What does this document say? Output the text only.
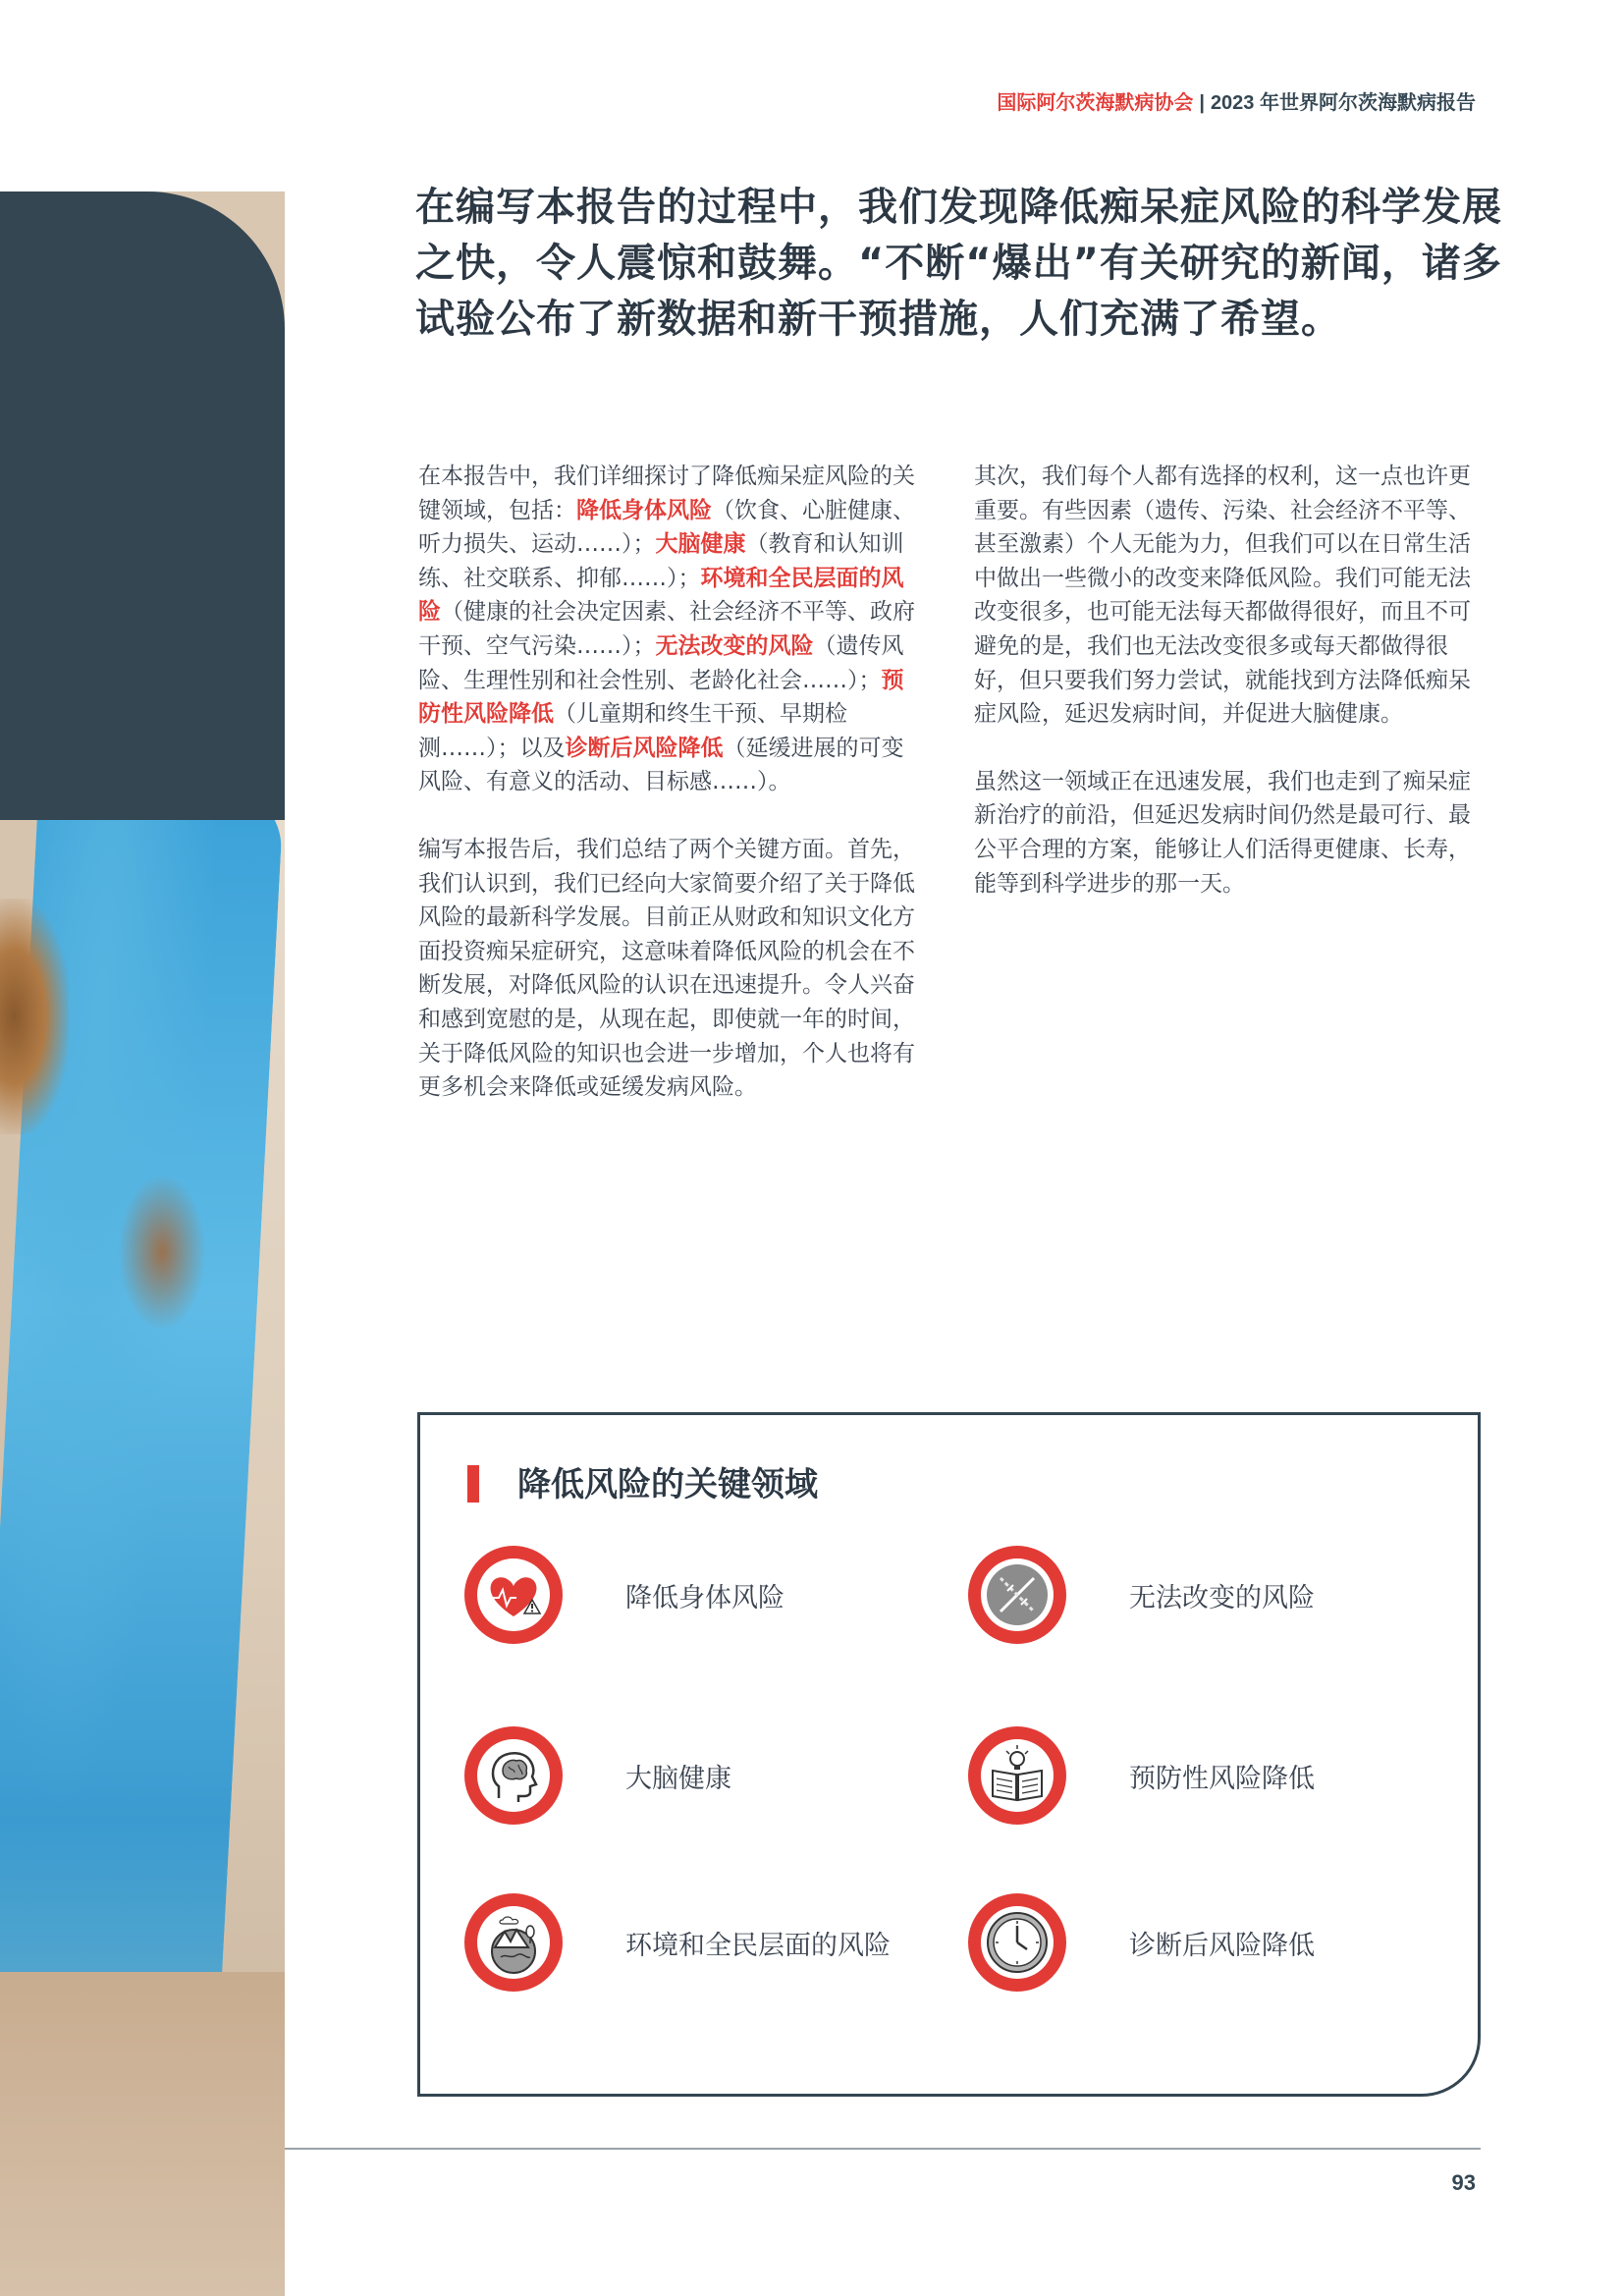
国际阿尔茨海默病协会 | 2023 年世界阿尔茨海默病报告
在编写本报告的过程中，我们发现降低痴呆症风险的科学发展之快，令人震惊和鼓舞。“不断“爆出”有关研究的新闻，诸多试验公布了新数据和新干预措施，人们充满了希望。

在本报告中，我们详细探讨了降低痴呆症风险的关键领域，包括：降低身体风险（饮食、心脏健康、听力损失、运动……）；大脑健康（教育和认知训练、社交联系、抑郁……）；环境和全民层面的风险（健康的社会决定因素、社会经济不平等、政府干预、空气污染……）；无法改变的风险（遗传风险、生理性别和社会性别、老龄化社会……）；预防性风险降低（儿童期和终生干预、早期检测……）；以及诊断后风险降低（延缓进展的可变风险、有意义的活动、目标感……）。

编写本报告后，我们总结了两个关键方面。首先，我们认识到，我们已经向大家简要介绍了关于降低风险的最新科学发展。目前正从财政和知识文化方面投资痴呆症研究，这意味着降低风险的机会在不断发展，对降低风险的认识在迅速提升。令人兴奋和感到宽慰的是，从现在起，即使就一年的时间，关于降低风险的知识也会进一步增加，个人也将有更多机会来降低或延缓发病风险。

其次，我们每个人都有选择的权利，这一点也许更重要。有些因素（遗传、污染、社会经济不平等、甚至激素）个人无能为力，但我们可以在日常生活中做出一些微小的改变来降低风险。我们可能无法改变很多，也可能无法每天都做得很好，而且不可避免的是，我们也无法改变很多或每天都做得很好，但只要我们努力尝试，就能找到方法降低痴呆症风险，延迟发病时间，并促进大脑健康。

虽然这一领域正在迅速发展，我们也走到了痴呆症新治疗的前沿，但延迟发病时间仍然是最可行、最公平合理的方案，能够让人们活得更健康、长寿，能等到科学进步的那一天。

降低风险的关键领域
降低身体风险	无法改变的风险
大脑健康	预防性风险降低
环境和全民层面的风险	诊断后风险降低
93
